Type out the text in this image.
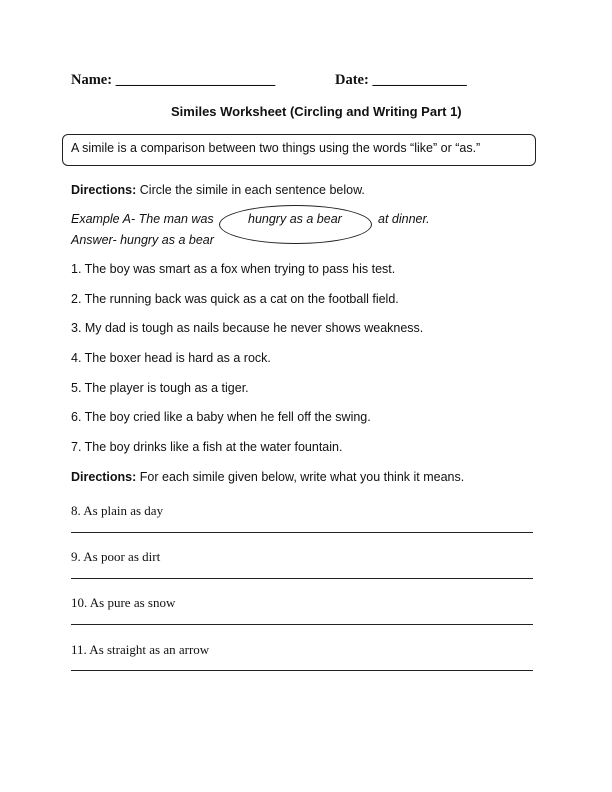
Name: ______________________	Date: _____________
Similes Worksheet (Circling and Writing Part 1)
A simile is a comparison between two things using the words “like” or “as.”
Directions: Circle the simile in each sentence below.
Example A- The man was	hungry as a bear	at dinner.
Answer- hungry as a bear
1. The boy was smart as a fox when trying to pass his test.
2. The running back was quick as a cat on the football field.
3. My dad is tough as nails because he never shows weakness.
4. The boxer head is hard as a rock.
5. The player is tough as a tiger.
6. The boy cried like a baby when he fell off the swing.
7. The boy drinks like a fish at the water fountain.
Directions: For each simile given below, write what you think it means.
8. As plain as day
9. As poor as dirt
10. As pure as snow
11. As straight as an arrow
